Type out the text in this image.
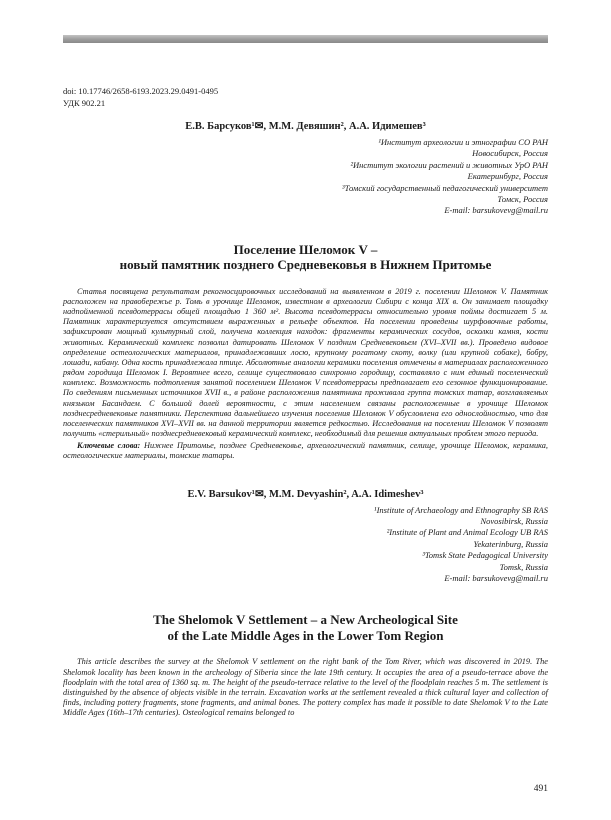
doi: 10.17746/2658-6193.2023.29.0491-0495
УДК 902.21
Е.В. Барсуков¹✉, М.М. Девяшин², А.А. Идимешев³
¹Институт археологии и этнографии СО РАН
Новосибирск, Россия
²Институт экологии растений и животных УрО РАН
Екатеринбург, Россия
³Томский государственный педагогический университет
Томск, Россия
E-mail: barsukovevg@mail.ru
Поселение Шеломок V –
новый памятник позднего Средневековья в Нижнем Притомье

Статья посвящена результатам рекогносцировочных исследований на выявленном в 2019 г. поселении Шеломок V. Памятник расположен на правобережье р. Томь в урочище Шеломок, известном в археологии Сибири с конца XIX в. Он занимает площадку надпойменной псевдотеррасы общей площадью 1 360 м². Высота псевдотеррасы относительно уровня поймы достигает 5 м. Памятник характеризуется отсутствием выраженных в рельефе объектов. На поселении проведены шурфовочные работы, зафиксирован мощный культурный слой, получена коллекция находок: фрагменты керамических сосудов, осколки камня, кости животных. Керамический комплекс позволил датировать Шеломок V поздним Средневековьем (XVI–XVII вв.). Проведено видовое определение остеологических материалов, принадлежавших лосю, крупному рогатому скоту, волку (или крупной собаке), бобру, лошади, кабану. Одна кость принадлежала птице. Абсолютные аналогии керамики поселения отмечены в материалах расположенного рядом городища Шеломок I. Вероятнее всего, селище существовало синхронно городищу, составляло с ним единый поселенческий комплекс. Возможность подтопления занятой поселением Шеломок V псевдотеррасы предполагает его сезонное функционирование. По сведениям письменных источников XVII в., в районе расположения памятника проживала группа томских татар, возглавляемых князьком Басандаем. С большой долей вероятности, с этим населением связаны расположенные в урочище Шеломок позднесредневековые памятники. Перспектива дальнейшего изучения поселения Шеломок V обусловлена его однослойностью, что для поселенческих памятников XVI–XVII вв. на данной территории является редкостью. Исследования на поселении Шеломок V позволят получить «стерильный» позднесредневековый керамический комплекс, необходимый для решения актуальных проблем этого периода.

Ключевые слова: Нижнее Притомье, позднее Средневековье, археологический памятник, селище, урочище Шеломок, керамика, остеологические материалы, томские татары.

E.V. Barsukov¹✉, M.M. Devyashin², A.A. Idimeshev³
¹Institute of Archaeology and Ethnography SB RAS
Novosibirsk, Russia
²Institute of Plant and Animal Ecology UB RAS
Yekaterinburg, Russia
³Tomsk State Pedagogical University
Tomsk, Russia
E-mail: barsukovevg@mail.ru
The Shelomok V Settlement – a New Archeological Site
of the Late Middle Ages in the Lower Tom Region

This article describes the survey at the Shelomok V settlement on the right bank of the Tom River, which was discovered in 2019. The Shelomok locality has been known in the archeology of Siberia since the late 19th century. It occupies the area of a pseudo-terrace above the floodplain with the total area of 1360 sq. m. The height of the pseudo-terrace relative to the level of the floodplain reaches 5 m. The settlement is distinguished by the absence of objects visible in the terrain. Excavation works at the settlement revealed a thick cultural layer and collection of finds, including pottery fragments, stone fragments, and animal bones. The pottery complex has made it possible to date Shelomok V to the Late Middle Ages (16th–17th centuries). Osteological remains belonged to

491
